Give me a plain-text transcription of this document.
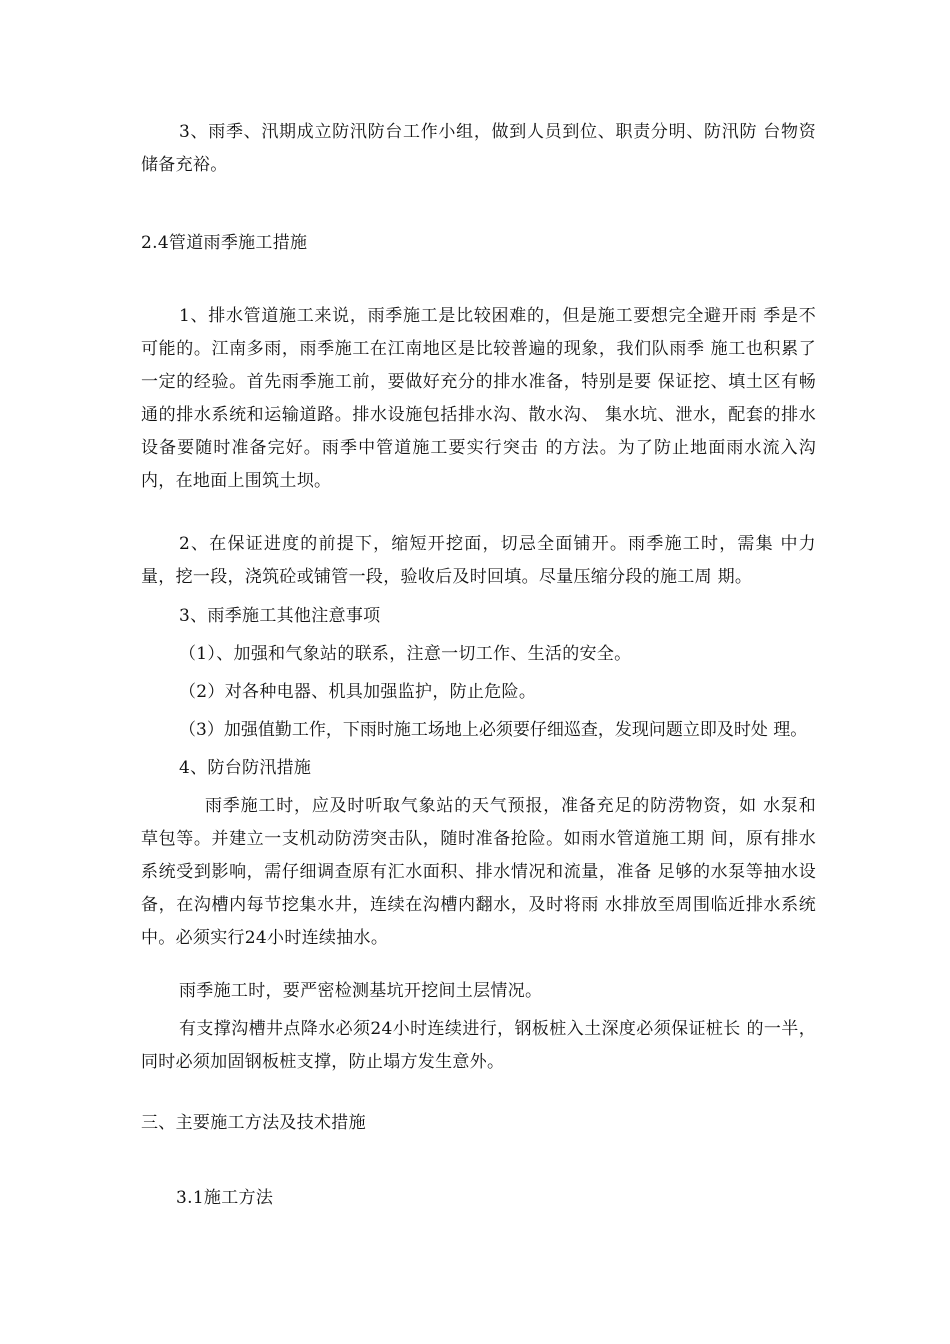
3、雨季、汛期成立防汛防台工作小组，做到人员到位、职责分明、防汛防 台物资储备充裕。

2.4管道雨季施工措施

1、排水管道施工来说，雨季施工是比较困难的，但是施工要想完全避开雨 季是不可能的。江南多雨，雨季施工在江南地区是比较普遍的现象，我们队雨季 施工也积累了一定的经验。首先雨季施工前，要做好充分的排水准备，特别是要 保证挖、填土区有畅通的排水系统和运输道路。排水设施包括排水沟、散水沟、 集水坑、泄水，配套的排水设备要随时准备完好。雨季中管道施工要实行突击 的方法。为了防止地面雨水流入沟内，在地面上围筑土坝。

2、在保证进度的前提下，缩短开挖面，切忌全面铺开。雨季施工时，需集 中力量，挖一段，浇筑砼或铺管一段，验收后及时回填。尽量压缩分段的施工周 期。

3、雨季施工其他注意事项

（1）、加强和气象站的联系，注意一切工作、生活的安全。

（2）对各种电器、机具加强监护，防止危险。

（3）加强值勤工作，下雨时施工场地上必须要仔细巡查，发现问题立即及时处 理。

4、防台防汛措施

雨季施工时，应及时听取气象站的天气预报，准备充足的防涝物资，如 水泵和草包等。并建立一支机动防涝突击队，随时准备抢险。如雨水管道施工期 间，原有排水系统受到影响，需仔细调查原有汇水面积、排水情况和流量，准备 足够的水泵等抽水设备，在沟槽内每节挖集水井，连续在沟槽内翻水，及时将雨 水排放至周围临近排水系统中。必须实行24小时连续抽水。

雨季施工时，要严密检测基坑开挖间土层情况。

有支撑沟槽井点降水必须24小时连续进行，钢板桩入土深度必须保证桩长 的一半，同时必须加固钢板桩支撑，防止塌方发生意外。

三、主要施工方法及技术措施

3.1施工方法
